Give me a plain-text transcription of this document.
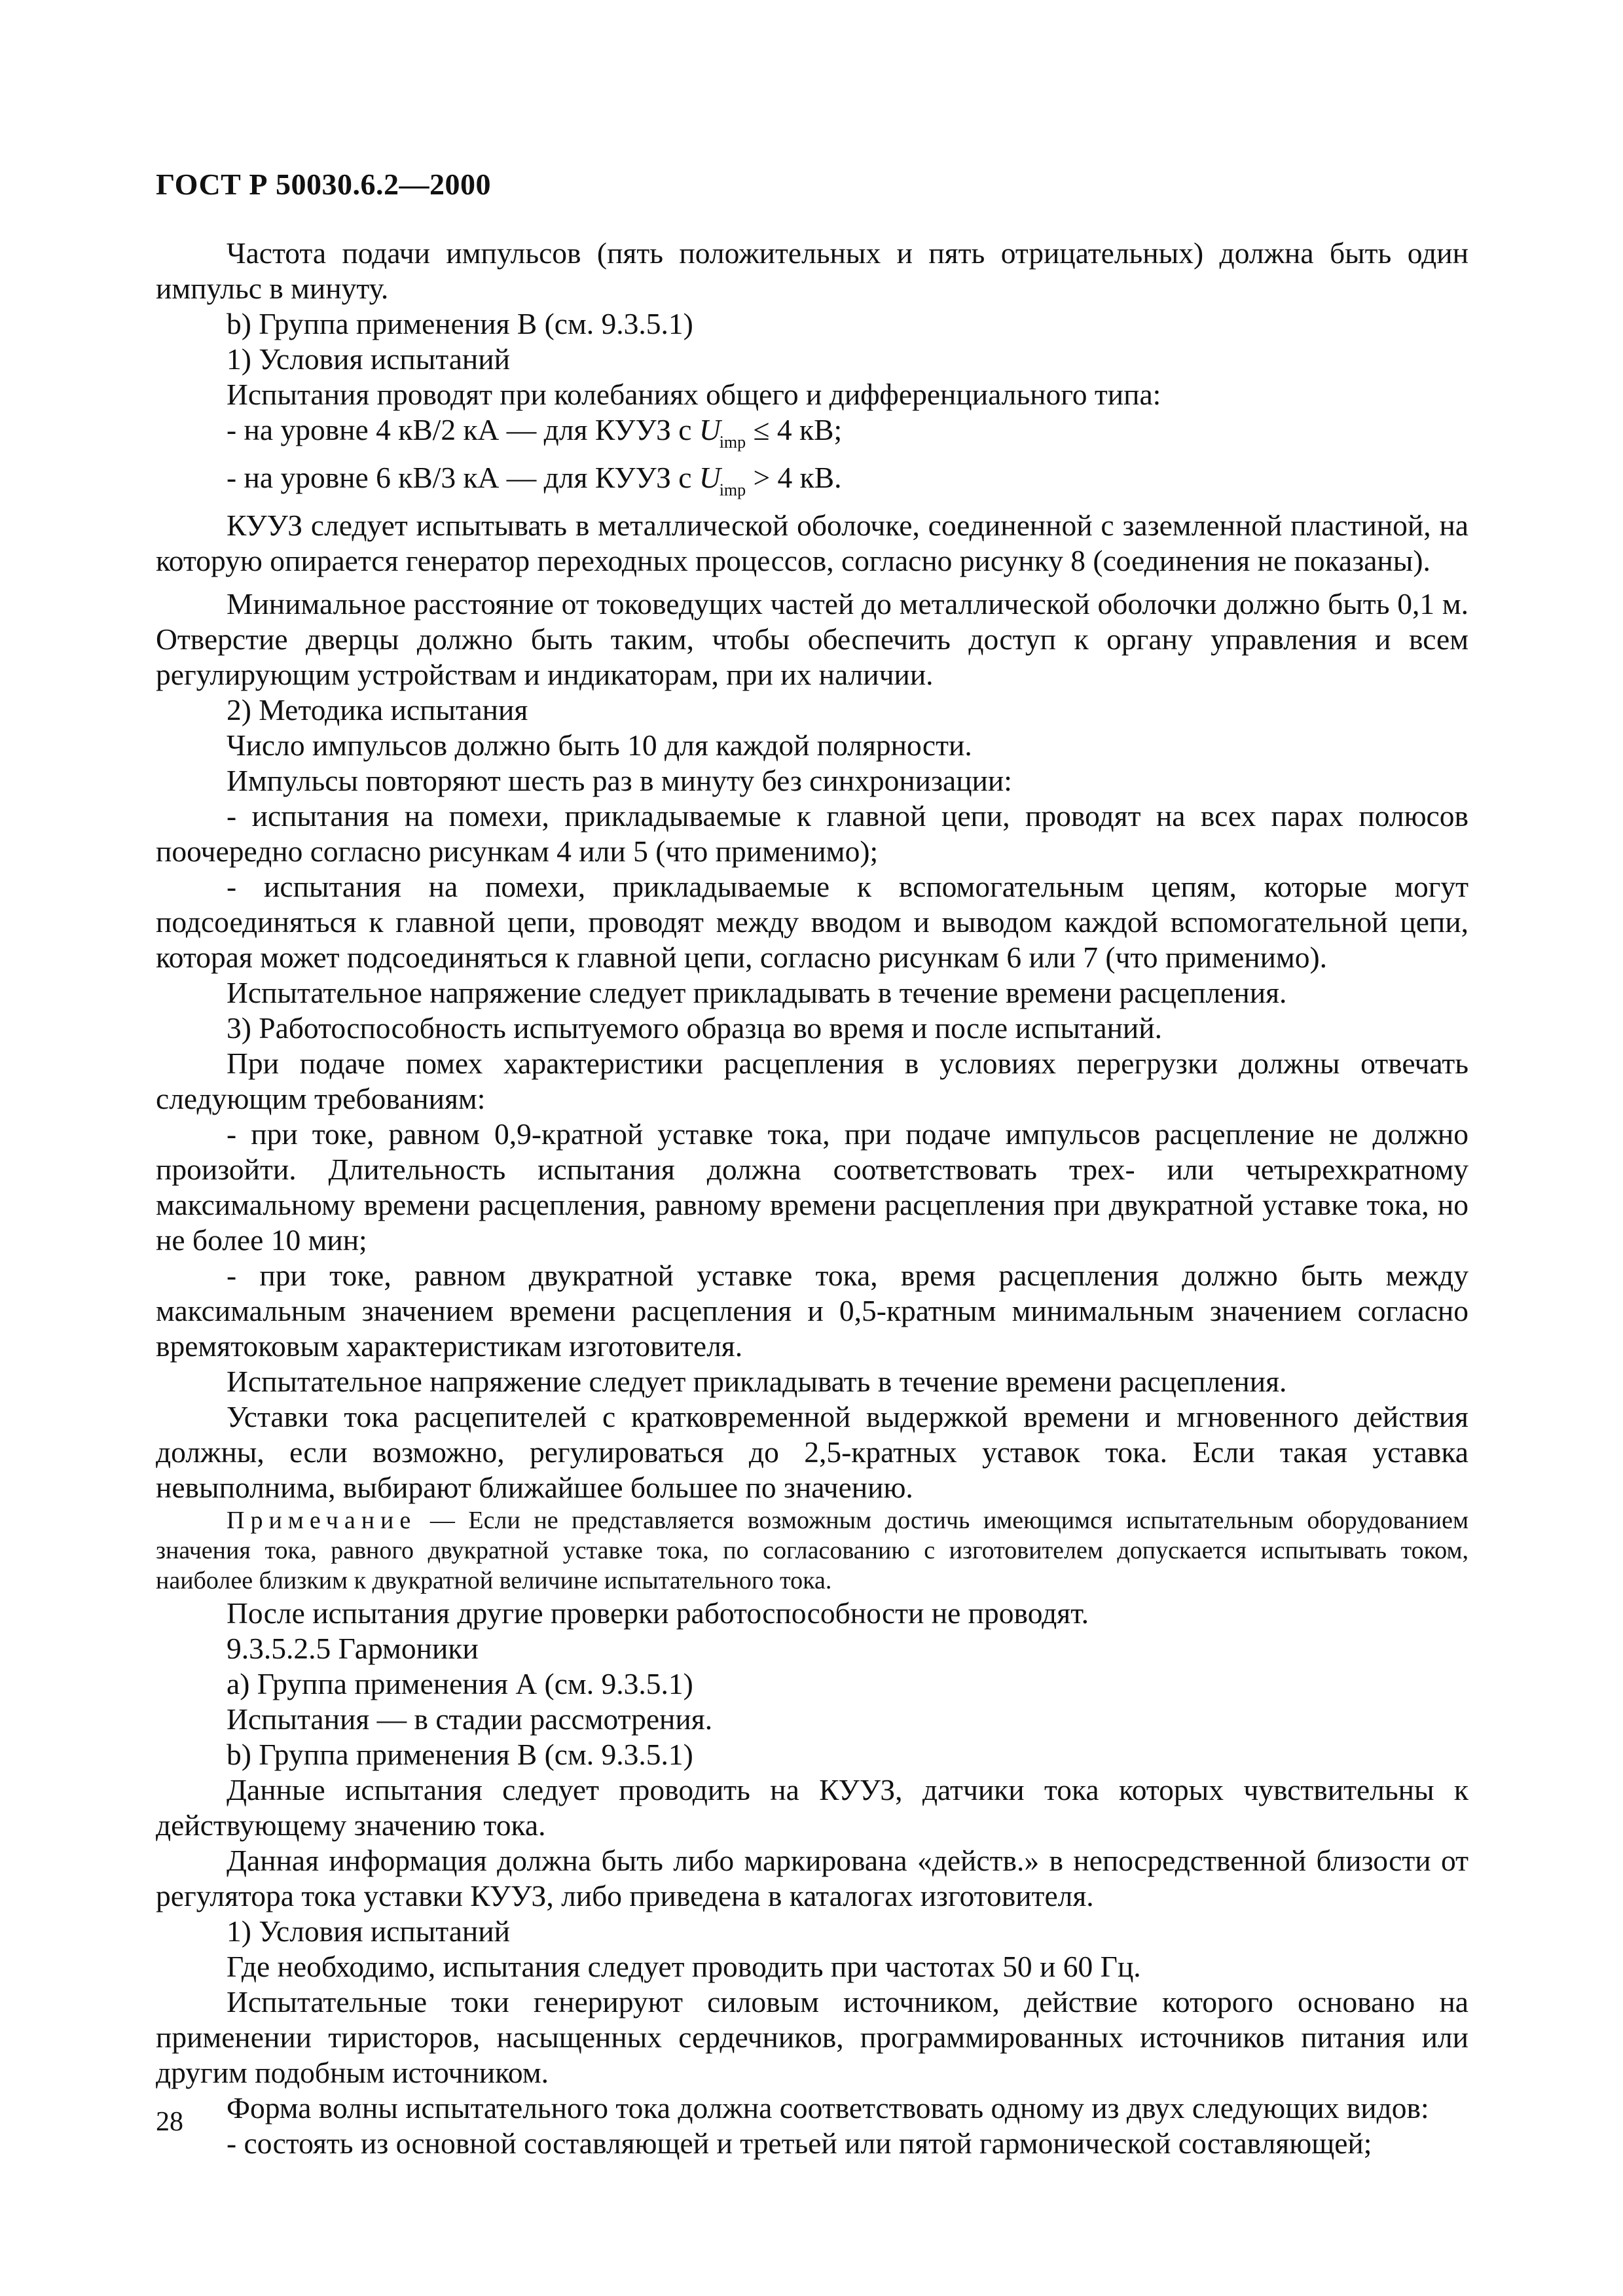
ГОСТ Р 50030.6.2—2000

Частота подачи импульсов (пять положительных и пять отрицательных) должна быть один импульс в минуту.

b) Группа применения В (см. 9.3.5.1)

1) Условия испытаний

Испытания проводят при колебаниях общего и дифференциального типа:

- на уровне 4 кВ/2 кА — для КУУЗ с $U_{imp} \le 4$ кВ;

- на уровне 6 кВ/3 кА — для КУУЗ с $U_{imp} > 4$ кВ.

КУУЗ следует испытывать в металлической оболочке, соединенной с заземленной пластиной, на которую опирается генератор переходных процессов, согласно рисунку 8 (соединения не показаны).

Минимальное расстояние от токоведущих частей до металлической оболочки должно быть 0,1 м. Отверстие дверцы должно быть таким, чтобы обеспечить доступ к органу управления и всем регулирующим устройствам и индикаторам, при их наличии.

2) Методика испытания

Число импульсов должно быть 10 для каждой полярности.

Импульсы повторяют шесть раз в минуту без синхронизации:

- испытания на помехи, прикладываемые к главной цепи, проводят на всех парах полюсов поочередно согласно рисункам 4 или 5 (что применимо);

- испытания на помехи, прикладываемые к вспомогательным цепям, которые могут подсоединяться к главной цепи, проводят между вводом и выводом каждой вспомогательной цепи, которая может подсоединяться к главной цепи, согласно рисункам 6 или 7 (что применимо).

Испытательное напряжение следует прикладывать в течение времени расцепления.

3) Работоспособность испытуемого образца во время и после испытаний.

При подаче помех характеристики расцепления в условиях перегрузки должны отвечать следующим требованиям:

- при токе, равном 0,9-кратной уставке тока, при подаче импульсов расцепление не должно произойти. Длительность испытания должна соответствовать трех- или четырехкратному максимальному времени расцепления, равному времени расцепления при двукратной уставке тока, но не более 10 мин;

- при токе, равном двукратной уставке тока, время расцепления должно быть между максимальным значением времени расцепления и 0,5-кратным минимальным значением согласно времятоковым характеристикам изготовителя.

Испытательное напряжение следует прикладывать в течение времени расцепления.

Уставки тока расцепителей с кратковременной выдержкой времени и мгновенного действия должны, если возможно, регулироваться до 2,5-кратных уставок тока. Если такая уставка невыполнима, выбирают ближайшее большее по значению.

Примечание — Если не представляется возможным достичь имеющимся испытательным оборудованием значения тока, равного двукратной уставке тока, по согласованию с изготовителем допускается испытывать током, наиболее близким к двукратной величине испытательного тока.

После испытания другие проверки работоспособности не проводят.

9.3.5.2.5 Гармоники

а) Группа применения А (см. 9.3.5.1)

Испытания — в стадии рассмотрения.

b) Группа применения В (см. 9.3.5.1)

Данные испытания следует проводить на КУУЗ, датчики тока которых чувствительны к действующему значению тока.

Данная информация должна быть либо маркирована «действ.» в непосредственной близости от регулятора тока уставки КУУЗ, либо приведена в каталогах изготовителя.

1) Условия испытаний

Где необходимо, испытания следует проводить при частотах 50 и 60 Гц.

Испытательные токи генерируют силовым источником, действие которого основано на применении тиристоров, насыщенных сердечников, программированных источников питания или другим подобным источником.

Форма волны испытательного тока должна соответствовать одному из двух следующих видов:

- состоять из основной составляющей и третьей или пятой гармонической составляющей;

28
